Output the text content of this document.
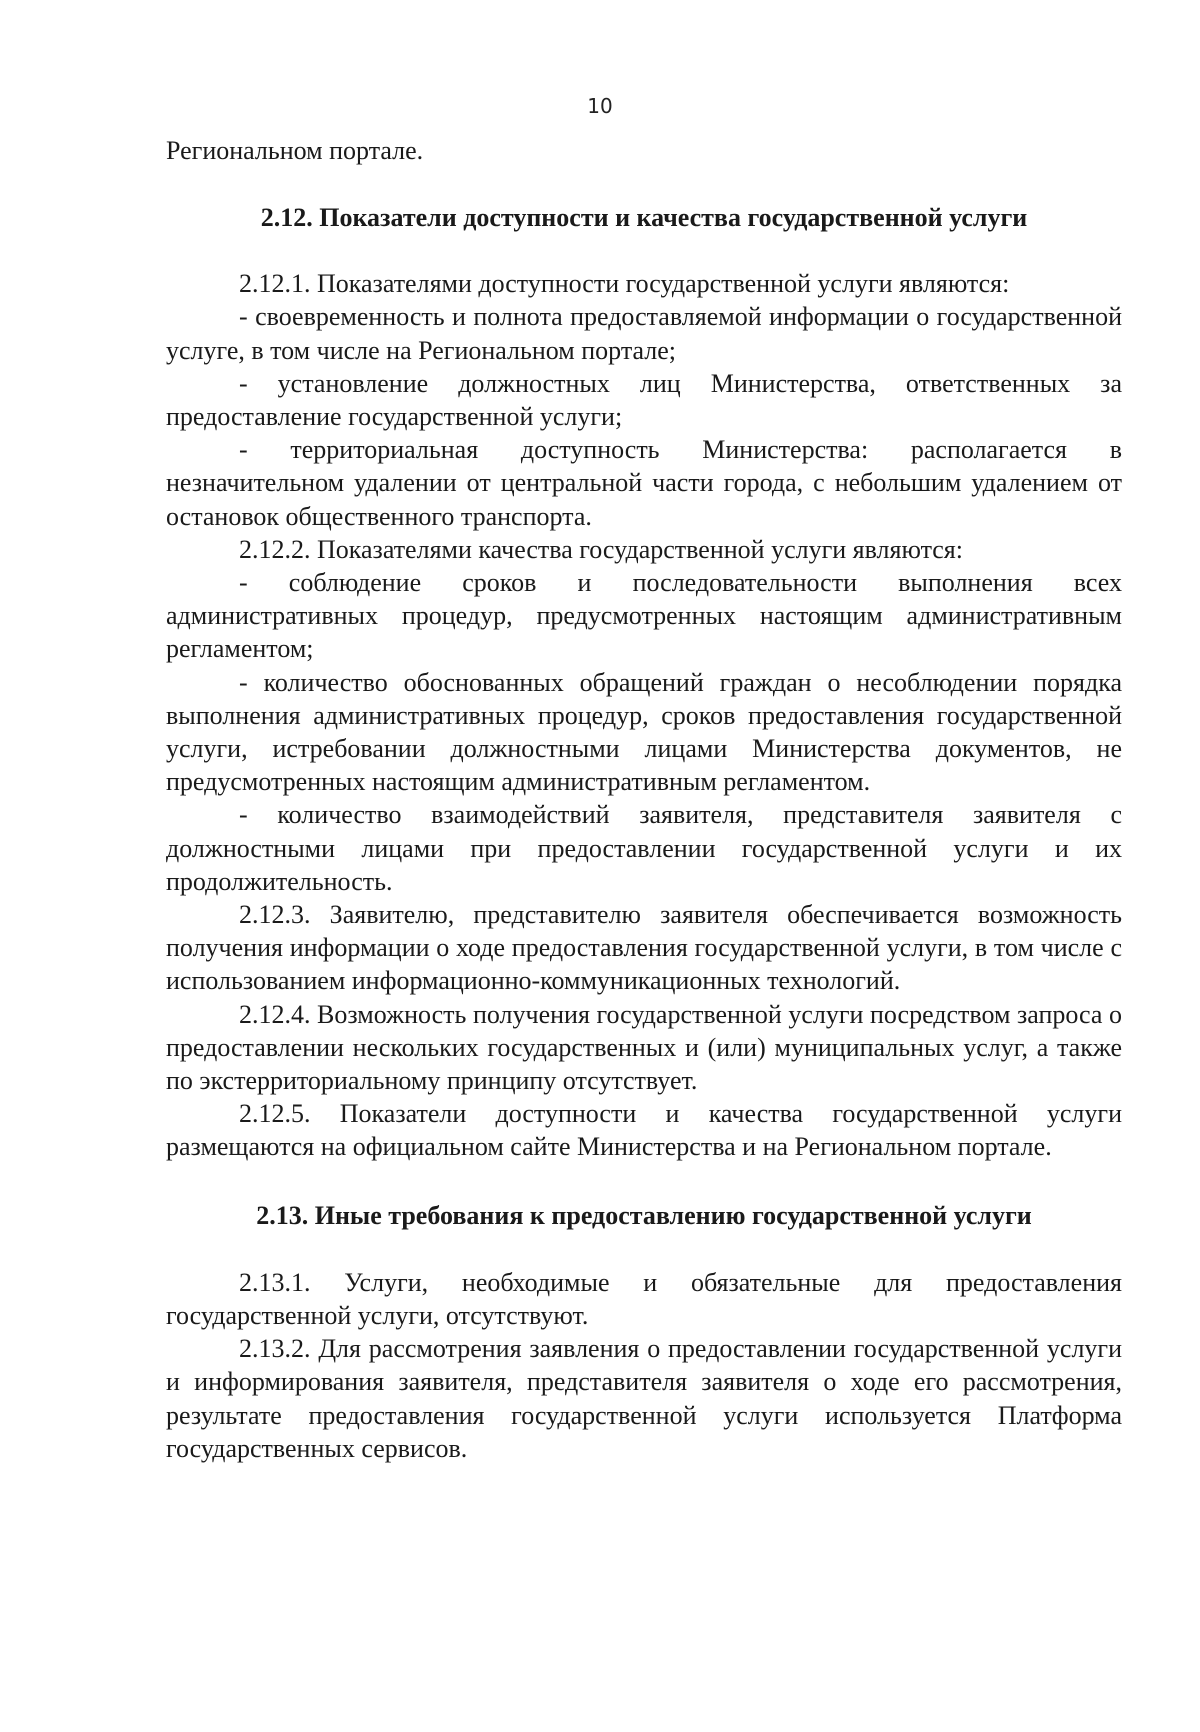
10

Региональном портале.

2.12. Показатели доступности и качества государственной услуги

2.12.1. Показателями доступности государственной услуги являются:

- своевременность и полнота предоставляемой информации о государственной услуге, в том числе на Региональном портале;

- установление должностных лиц Министерства, ответственных за предоставление государственной услуги;

- территориальная доступность Министерства: располагается в незначительном удалении от центральной части города, с небольшим удалением от остановок общественного транспорта.

2.12.2. Показателями качества государственной услуги являются:

- соблюдение сроков и последовательности выполнения всех административных процедур, предусмотренных настоящим административным регламентом;

- количество обоснованных обращений граждан о несоблюдении порядка выполнения административных процедур, сроков предоставления государственной услуги, истребовании должностными лицами Министерства документов, не предусмотренных настоящим административным регламентом.

- количество взаимодействий заявителя, представителя заявителя с должностными лицами при предоставлении государственной услуги и их продолжительность.

2.12.3. Заявителю, представителю заявителя обеспечивается возможность получения информации о ходе предоставления государственной услуги, в том числе с использованием информационно-коммуникационных технологий.

2.12.4. Возможность получения государственной услуги посредством запроса о предоставлении нескольких государственных и (или) муниципальных услуг, а также по экстерриториальному принципу отсутствует.

2.12.5. Показатели доступности и качества государственной услуги размещаются на официальном сайте Министерства и на Региональном портале.

2.13. Иные требования к предоставлению государственной услуги

2.13.1. Услуги, необходимые и обязательные для предоставления государственной услуги, отсутствуют.

2.13.2. Для рассмотрения заявления о предоставлении государственной услуги и информирования заявителя, представителя заявителя о ходе его рассмотрения, результате предоставления государственной услуги используется Платформа государственных сервисов.
